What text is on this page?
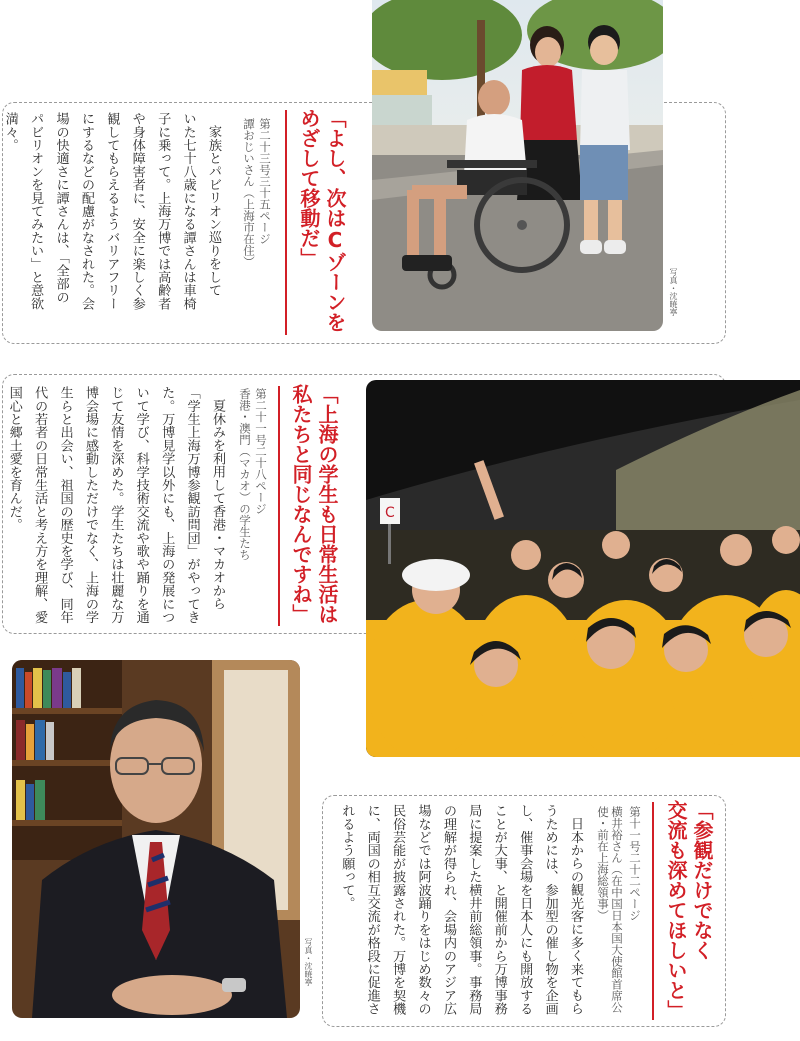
写真・沈暁寧
「よし、次はCゾーンを
めざして移動だ」
第二十三号三十五ページ
譚おじいさん（上海市在住）
家族とパビリオン巡りをして
いた七十八歳になる譚さんは車椅
子に乗って。上海万博では高齢者
や身体障害者に、安全に楽しく参
観してもらえるようバリアフリー
にするなどの配慮がなされた。会
場の快適さに譚さんは、「全部の
パビリオンを見てみたい」と意欲
満々。
C
「上海の学生も日常生活は
私たちと同じなんですね」
第二十一号二十八ページ
香港・澳門（マカオ）の学生たち
夏休みを利用して香港・マカオから
「学生上海万博参観訪問団」がやってき
た。万博見学以外にも、上海の発展につ
いて学び、科学技術交流や歌や踊りを通
じて友情を深めた。学生たちは壮麗な万
博会場に感動しただけでなく、上海の学
生らと出会い、祖国の歴史を学び、同年
代の若者の日常生活と考え方を理解、愛
国心と郷土愛を育んだ。
写真・沈暁寧
「参観だけでなく
交流も深めてほしいと」
第十一号二十二ページ
横井裕さん（在中国日本国大使館首席公
使・前在上海総領事）
日本からの観光客に多く来てもら
うためには、参加型の催し物を企画
し、催事会場を日本人にも開放する
ことが大事、と開催前から万博事務
局に提案した横井前総領事。事務局
の理解が得られ、会場内のアジア広
場などでは阿波踊りをはじめ数々の
民俗芸能が披露された。万博を契機
に、両国の相互交流が格段に促進さ
れるよう願って。
